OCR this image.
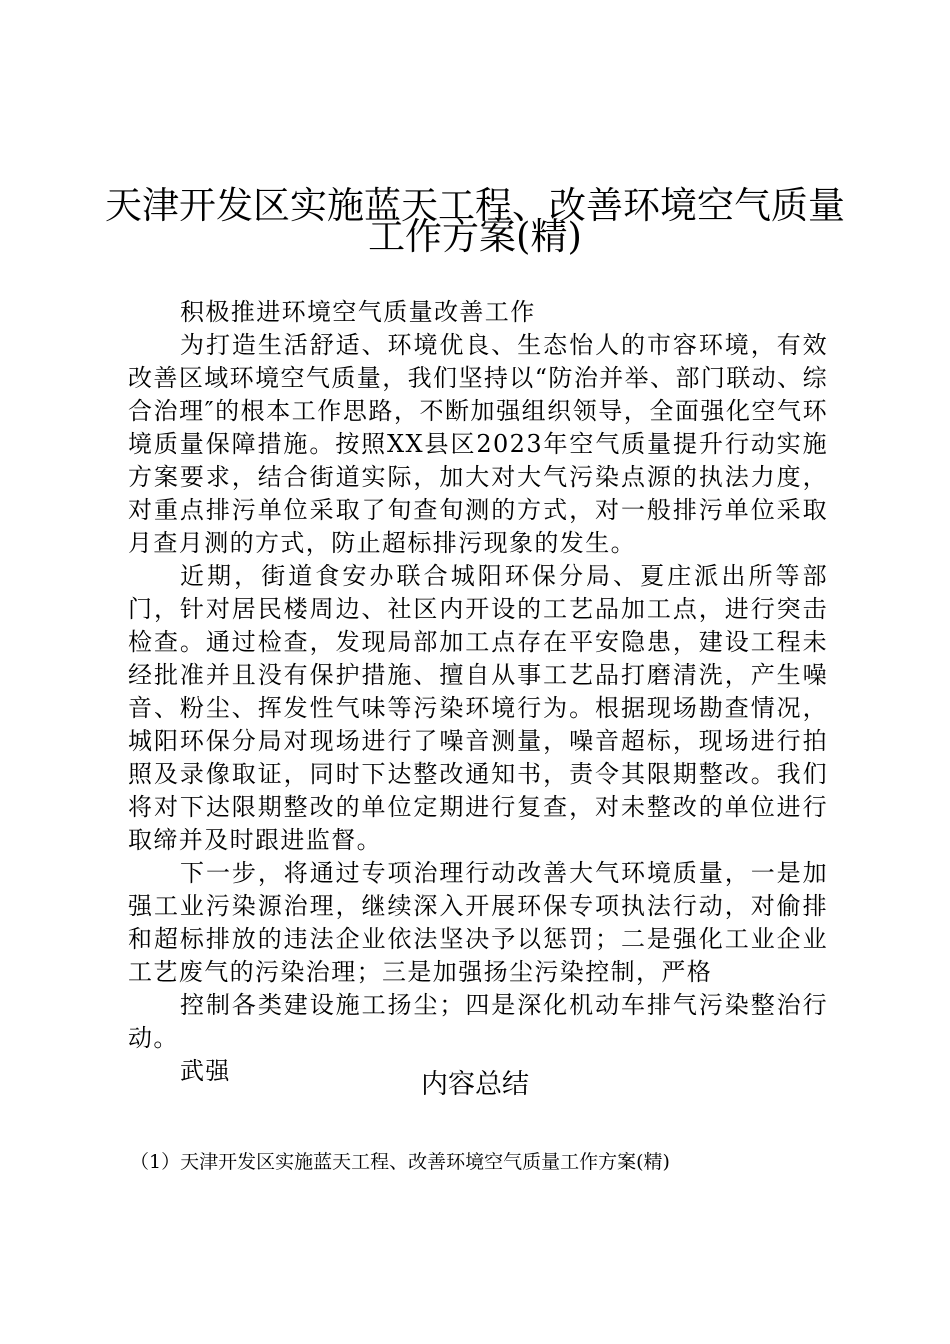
天津开发区实施蓝天工程、改善环境空气质量
工作方案(精)

积极推进环境空气质量改善工作

为打造生活舒适、环境优良、生态怡人的市容环境，有效改善区域环境空气质量，我们坚持以“防治并举、部门联动、综合治理″的根本工作思路，不断加强组织领导，全面强化空气环境质量保障措施。按照XX县区2023年空气质量提升行动实施方案要求，结合街道实际，加大对大气污染点源的执法力度，对重点排污单位采取了旬查旬测的方式，对一般排污单位采取月查月测的方式，防止超标排污现象的发生。

近期，街道食安办联合城阳环保分局、夏庄派出所等部门，针对居民楼周边、社区内开设的工艺品加工点，进行突击检查。通过检查，发现局部加工点存在平安隐患，建设工程未经批准并且没有保护措施、擅自从事工艺品打磨清洗，产生噪音、粉尘、挥发性气味等污染环境行为。根据现场勘查情况，城阳环保分局对现场进行了噪音测量，噪音超标，现场进行拍照及录像取证，同时下达整改通知书，责令其限期整改。我们将对下达限期整改的单位定期进行复查，对未整改的单位进行取缔并及时跟进监督。

下一步，将通过专项治理行动改善大气环境质量，一是加强工业污染源治理，继续深入开展环保专项执法行动，对偷排和超标排放的违法企业依法坚决予以惩罚；二是强化工业企业工艺废气的污染治理；三是加强扬尘污染控制，严格

控制各类建设施工扬尘；四是深化机动车排气污染整治行动。

武强	内容总结
（1）天津开发区实施蓝天工程、改善环境空气质量工作方案(精)
